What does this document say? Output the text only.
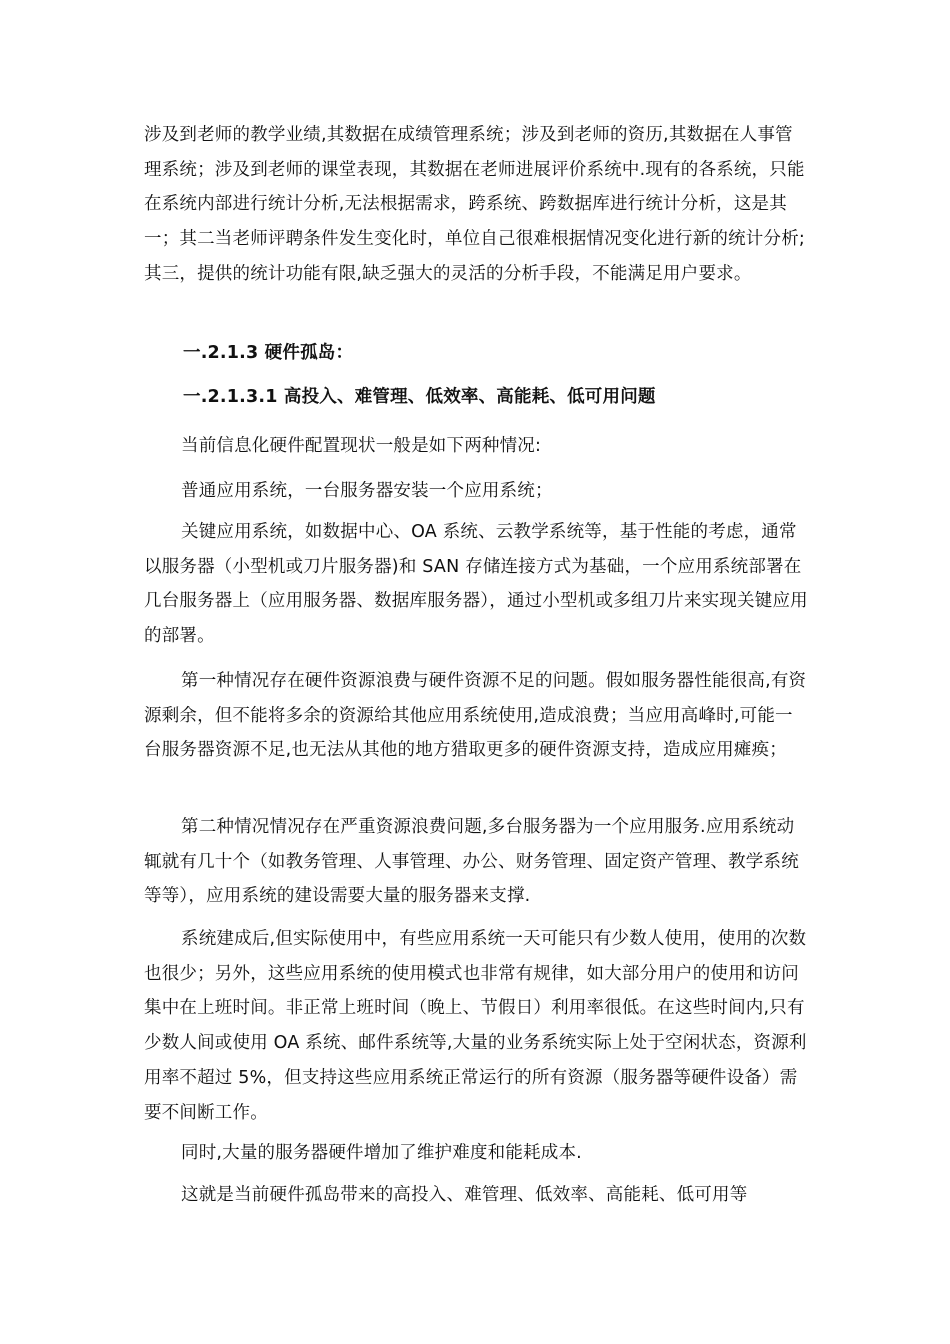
涉及到老师的教学业绩,其数据在成绩管理系统；涉及到老师的资历,其数据在人事管理系统；涉及到老师的课堂表现，其数据在老师进展评价系统中.现有的各系统，只能在系统内部进行统计分析,无法根据需求，跨系统、跨数据库进行统计分析，这是其一；其二当老师评聘条件发生变化时，单位自己很难根据情况变化进行新的统计分析;其三，提供的统计功能有限,缺乏强大的灵活的分析手段，不能满足用户要求。
一.2.1.3 硬件孤岛：
一.2.1.3.1 高投入、难管理、低效率、高能耗、低可用问题
当前信息化硬件配置现状一般是如下两种情况:
普通应用系统，一台服务器安装一个应用系统；
关键应用系统，如数据中心、OA 系统、云教学系统等，基于性能的考虑，通常以服务器（小型机或刀片服务器)和 SAN 存储连接方式为基础，一个应用系统部署在几台服务器上（应用服务器、数据库服务器），通过小型机或多组刀片来实现关键应用的部署。
第一种情况存在硬件资源浪费与硬件资源不足的问题。假如服务器性能很高,有资源剩余，但不能将多余的资源给其他应用系统使用,造成浪费；当应用高峰时,可能一台服务器资源不足,也无法从其他的地方猎取更多的硬件资源支持，造成应用瘫痪；
第二种情况情况存在严重资源浪费问题,多台服务器为一个应用服务.应用系统动辄就有几十个（如教务管理、人事管理、办公、财务管理、固定资产管理、教学系统等等），应用系统的建设需要大量的服务器来支撑.
系统建成后,但实际使用中，有些应用系统一天可能只有少数人使用，使用的次数也很少；另外，这些应用系统的使用模式也非常有规律，如大部分用户的使用和访问集中在上班时间。非正常上班时间（晚上、节假日）利用率很低。在这些时间内,只有少数人间或使用 OA 系统、邮件系统等,大量的业务系统实际上处于空闲状态，资源利用率不超过 5%，但支持这些应用系统正常运行的所有资源（服务器等硬件设备）需要不间断工作。
同时,大量的服务器硬件增加了维护难度和能耗成本.
这就是当前硬件孤岛带来的高投入、难管理、低效率、高能耗、低可用等
